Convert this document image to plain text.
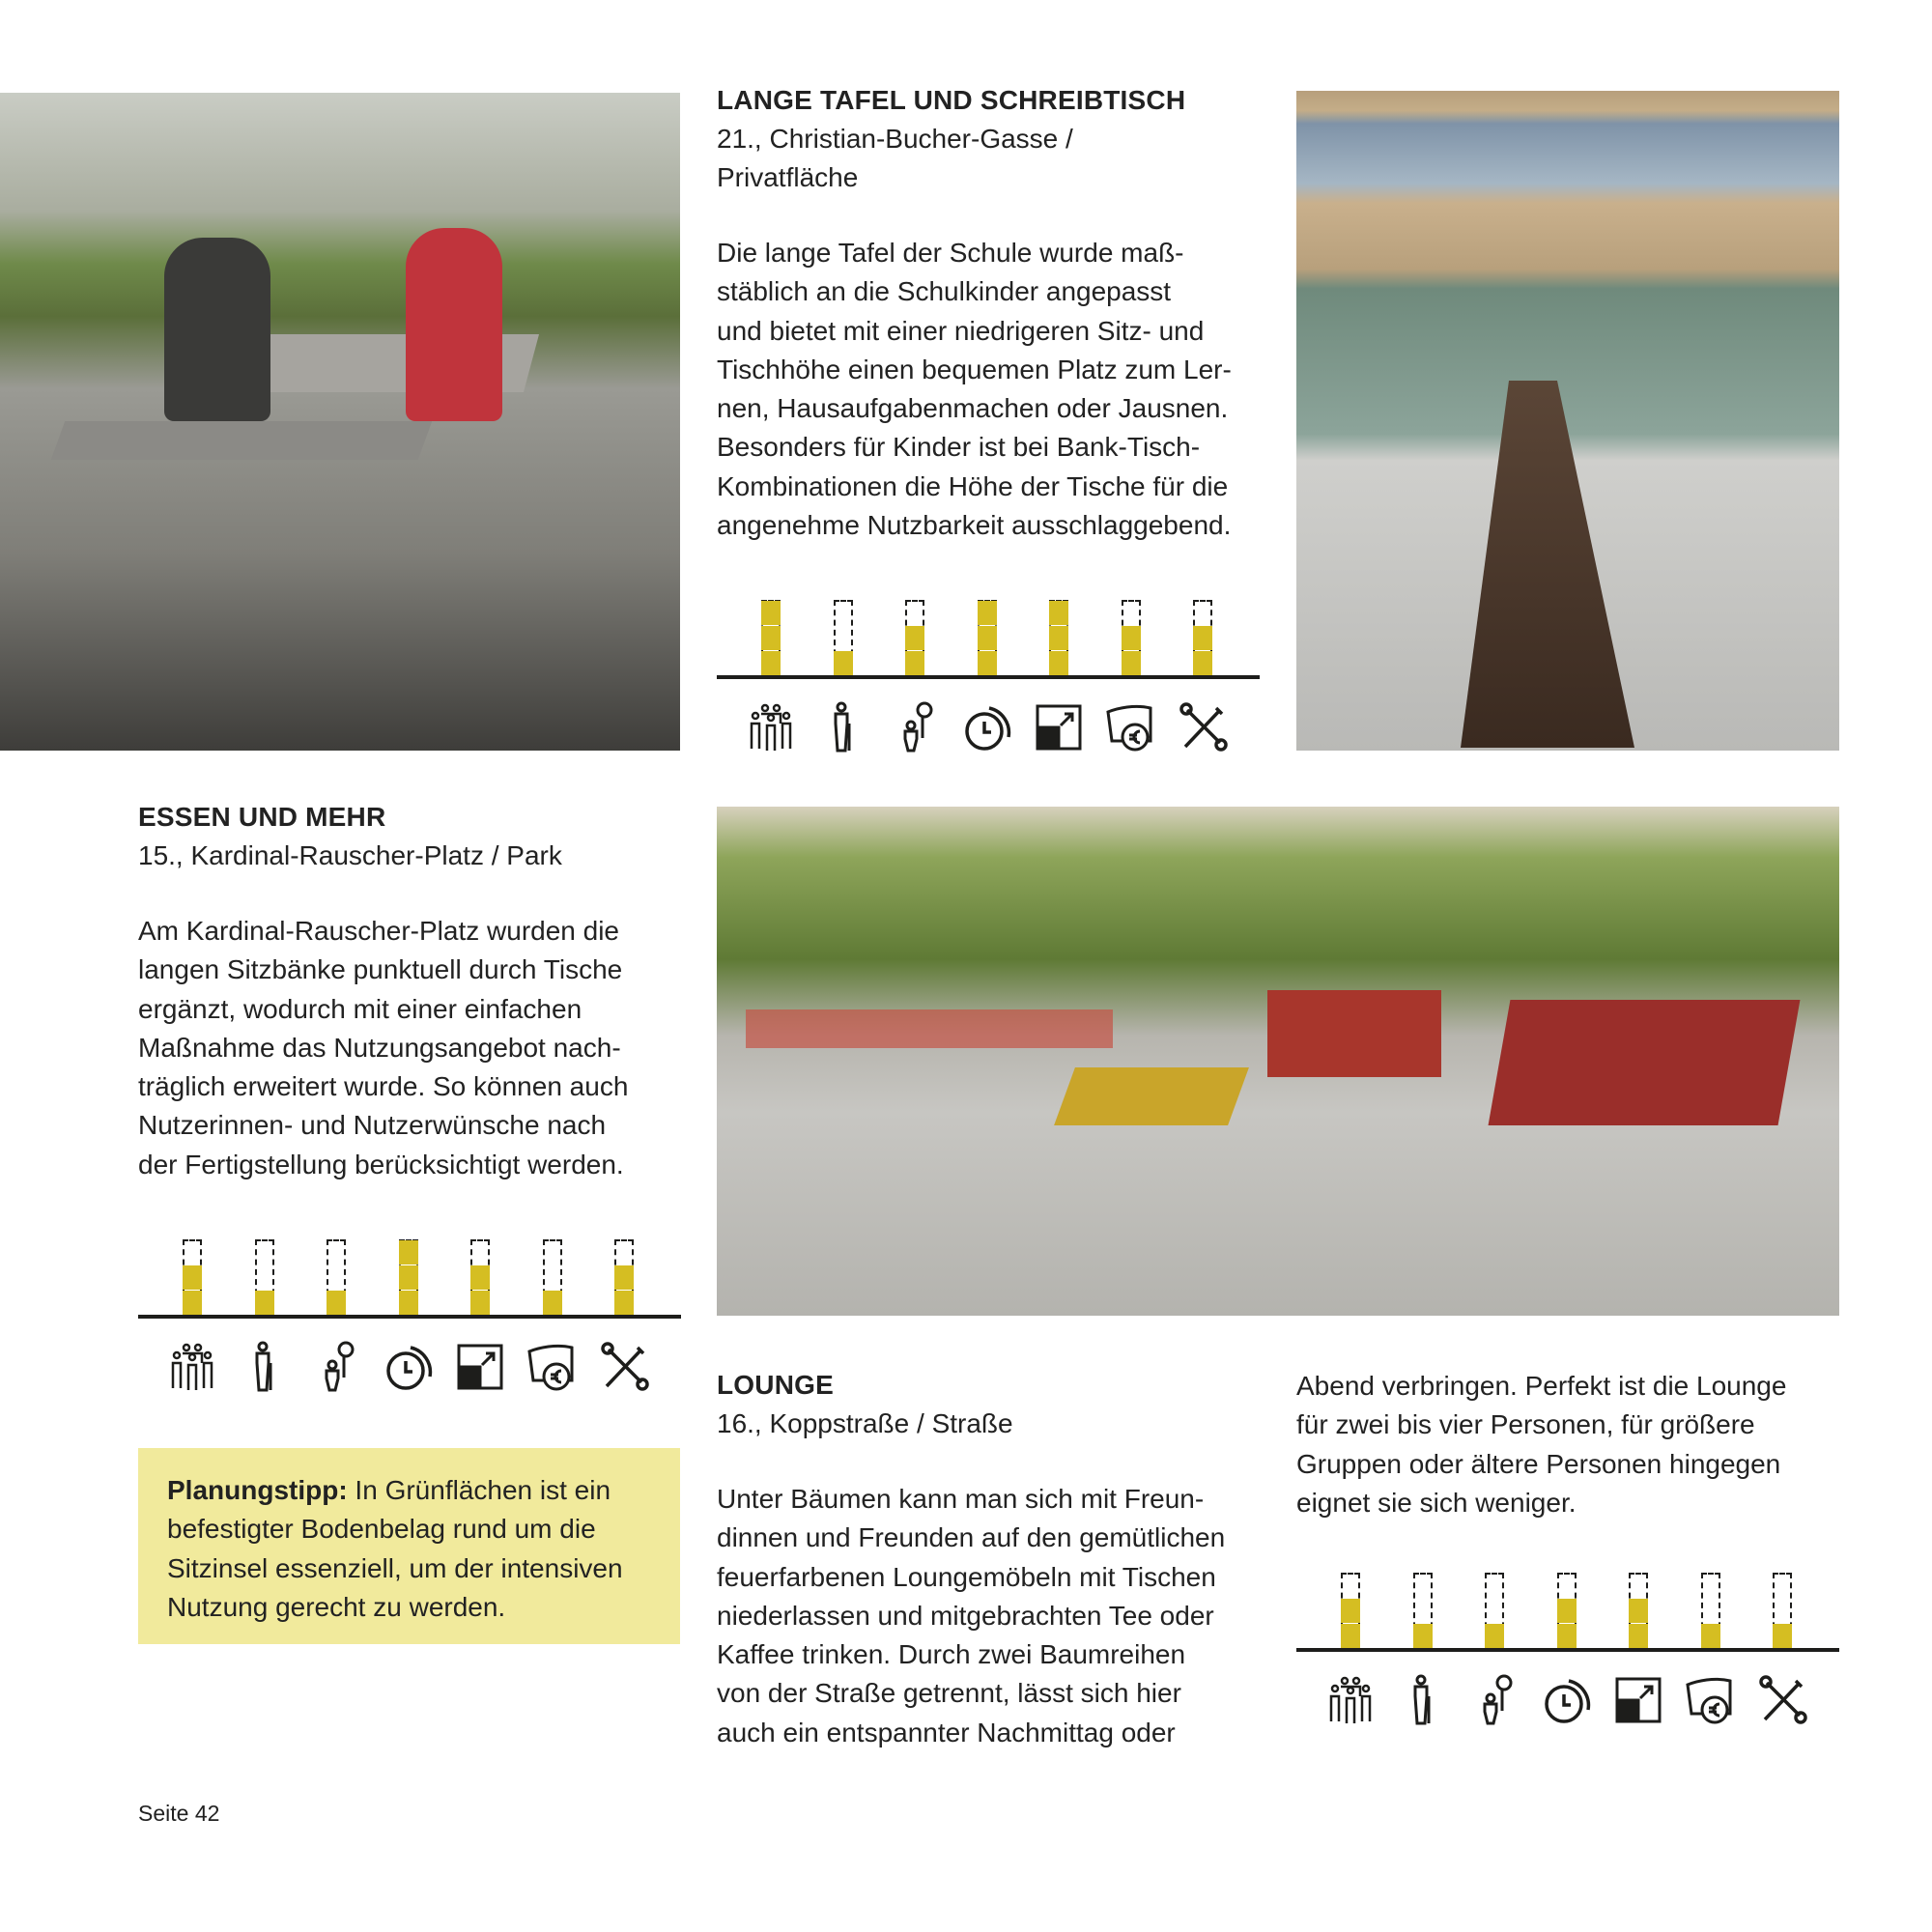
LANGE TAFEL UND SCHREIBTISCH
21., Christian-Bucher-Gasse /
Privatfläche
Die lange Tafel der Schule wurde maß-
stäblich an die Schulkinder angepasst
und bietet mit einer niedrigeren Sitz- und
Tischhöhe einen bequemen Platz zum Ler-
nen, Hausaufgabenmachen oder Jausnen.
Besonders für Kinder ist bei Bank-Tisch-
Kombinationen die Höhe der Tische für die
angenehme Nutzbarkeit ausschlaggebend.
ESSEN UND MEHR
15., Kardinal-Rauscher-Platz / Park
Am Kardinal-Rauscher-Platz wurden die
langen Sitzbänke punktuell durch Tische
ergänzt, wodurch mit einer einfachen
Maßnahme das Nutzungsangebot nach-
träglich erweitert wurde. So können auch
Nutzerinnen- und Nutzerwünsche nach
der Fertigstellung berücksichtigt werden.
Planungstipp: In Grünflächen ist ein
befestigter Bodenbelag rund um die
Sitzinsel essenziell, um der intensiven
Nutzung gerecht zu werden.
LOUNGE
16., Koppstraße / Straße
Unter Bäumen kann man sich mit Freun-
dinnen und Freunden auf den gemütlichen
feuerfarbenen Loungemöbeln mit Tischen
niederlassen und mitgebrachten Tee oder
Kaffee trinken. Durch zwei Baumreihen
von der Straße getrennt, lässt sich hier
auch ein entspannter Nachmittag oder
Abend verbringen. Perfekt ist die Lounge
für zwei bis vier Personen, für größere
Gruppen oder ältere Personen hingegen
eignet sie sich weniger.
Seite 42
